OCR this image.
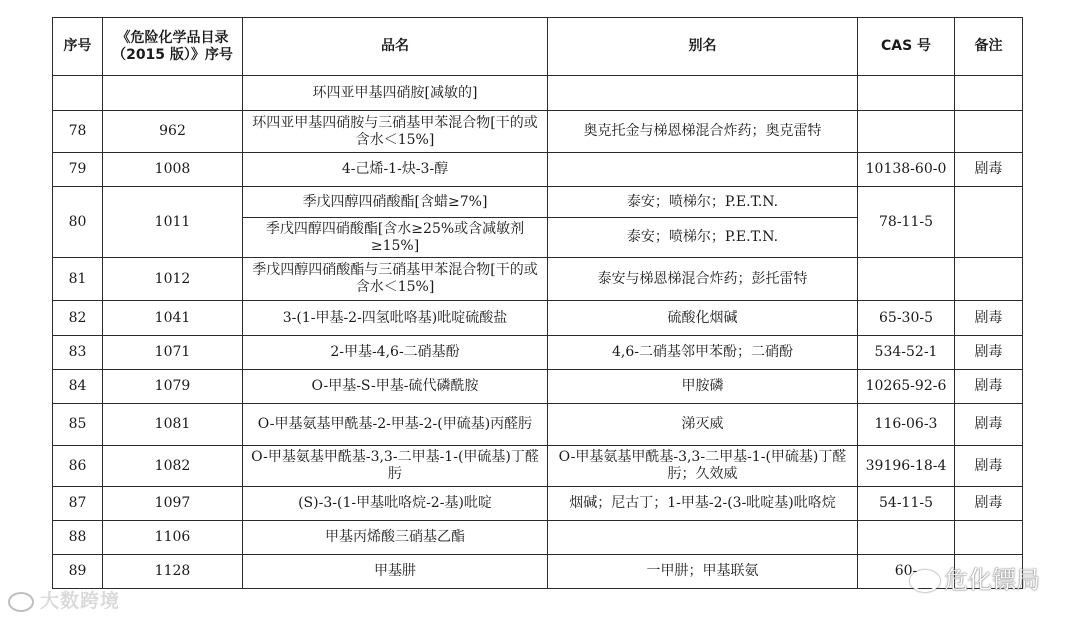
序号	《危险化学品目录（2015 版）》序号	品名	别名	CAS 号	备注
		环四亚甲基四硝胺[减敏的]			
78	962	环四亚甲基四硝胺与三硝基甲苯混合物[干的或含水＜15%]	奥克托金与梯恩梯混合炸药；奥克雷特		
79	1008	4-己烯-1-炔-3-醇		10138-60-0	剧毒
80	1011	季戊四醇四硝酸酯[含蜡≥7%]	泰安；喷梯尔；P.E.T.N.	78-11-5	
		季戊四醇四硝酸酯[含水≥25%或含减敏剂≥15%]	泰安；喷梯尔；P.E.T.N.		
81	1012	季戊四醇四硝酸酯与三硝基甲苯混合物[干的或含水＜15%]	泰安与梯恩梯混合炸药；彭托雷特		
82	1041	3-(1-甲基-2-四氢吡咯基)吡啶硫酸盐	硫酸化烟碱	65-30-5	剧毒
83	1071	2-甲基-4,6-二硝基酚	4,6-二硝基邻甲苯酚；二硝酚	534-52-1	剧毒
84	1079	O-甲基-S-甲基-硫代磷酰胺	甲胺磷	10265-92-6	剧毒
85	1081	O-甲基氨基甲酰基-2-甲基-2-(甲硫基)丙醛肟	涕灭威	116-06-3	剧毒
86	1082	O-甲基氨基甲酰基-3,3-二甲基-1-(甲硫基)丁醛肟	O-甲基氨基甲酰基-3,3-二甲基-1-(甲硫基)丁醛肟；久效威	39196-18-4	剧毒
87	1097	(S)-3-(1-甲基吡咯烷-2-基)吡啶	烟碱；尼古丁；1-甲基-2-(3-吡啶基)吡咯烷	54-11-5	剧毒
88	1106	甲基丙烯酸三硝基乙酯			
89	1128	甲基肼	一甲肼；甲基联氨	60-	
大数跨境
危化镖局
